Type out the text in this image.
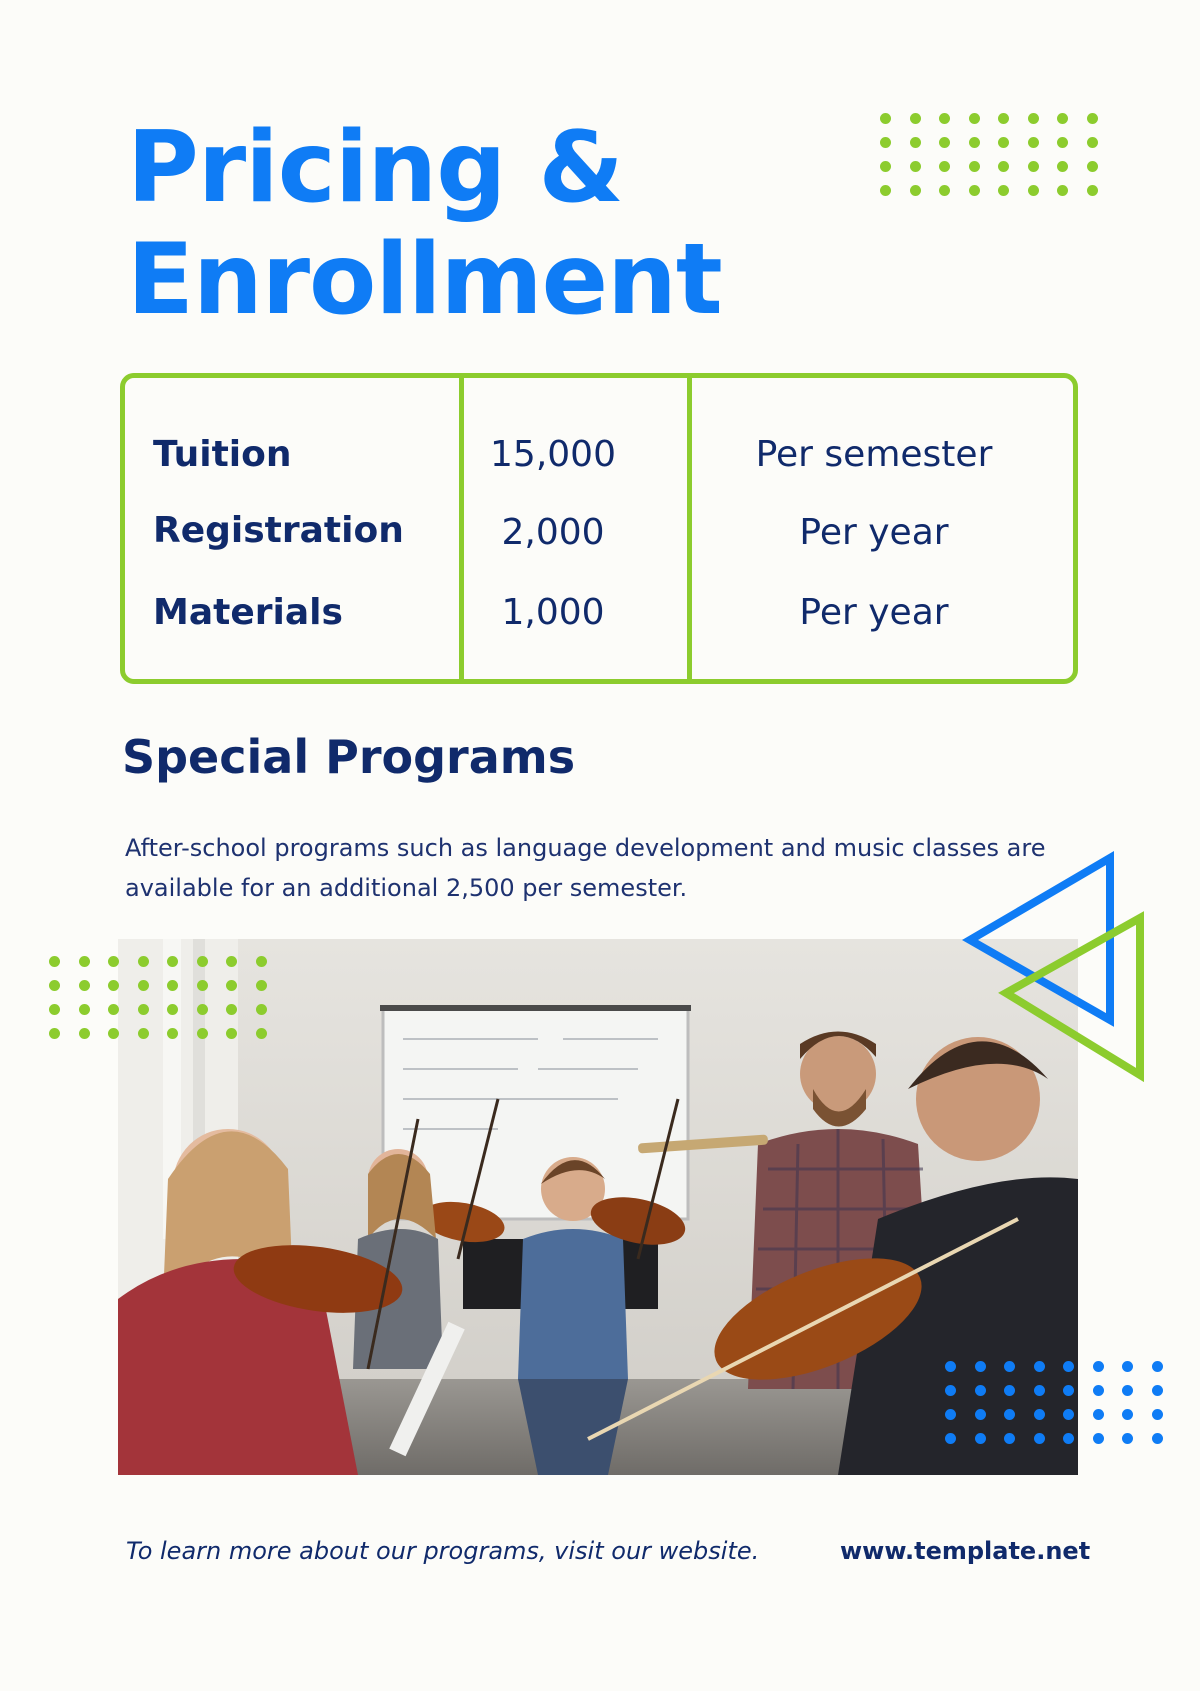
Pricing &
Enrollment
Tuition	15,000	Per semester
Registration	2,000	Per year
Materials	1,000	Per year
Special Programs

After-school programs such as language development and music classes are
available for an additional 2,500 per semester.

To learn more about our programs, visit our website.	www.template.net
